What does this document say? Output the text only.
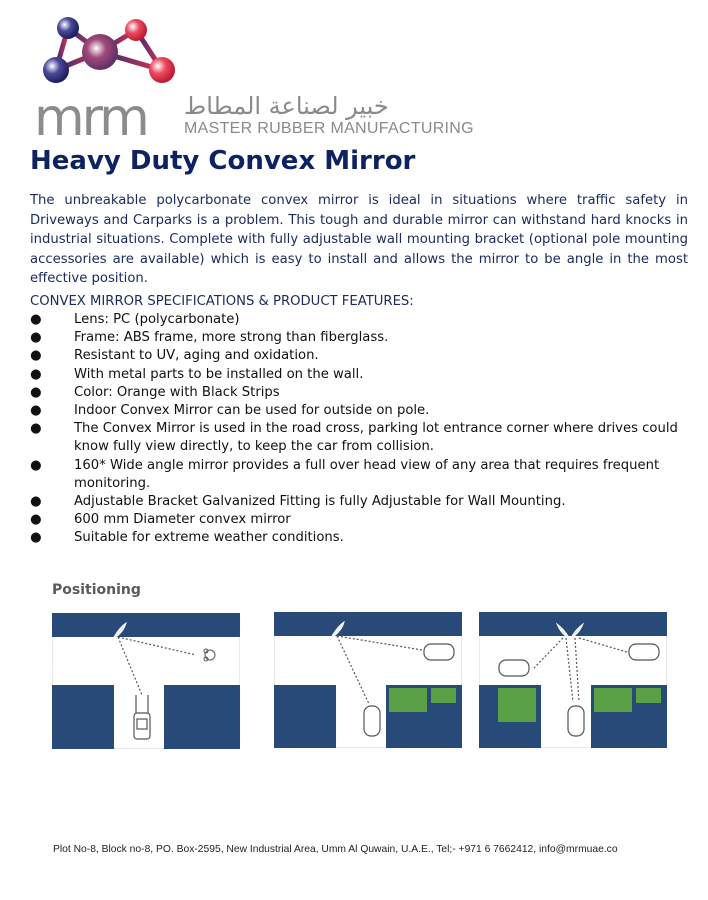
mrm خبير لصناعة المطاط
MASTER RUBBER MANUFACTURING
Heavy Duty Convex Mirror

The unbreakable polycarbonate convex mirror is ideal in situations where traffic safety in Driveways and Carparks is a problem. This tough and durable mirror can withstand hard knocks in industrial situations. Complete with fully adjustable wall mounting bracket (optional pole mounting accessories are available) which is easy to install and allows the mirror to be angle in the most effective position.

CONVEX MIRROR SPECIFICATIONS & PRODUCT FEATURES:
● Lens: PC (polycarbonate)
● Frame: ABS frame, more strong than fiberglass.
● Resistant to UV, aging and oxidation.
● With metal parts to be installed on the wall.
● Color: Orange with Black Strips
● Indoor Convex Mirror can be used for outside on pole.
● The Convex Mirror is used in the road cross, parking lot entrance corner where drives could know fully view directly, to keep the car from collision.
● 160* Wide angle mirror provides a full over head view of any area that requires frequent monitoring.
● Adjustable Bracket Galvanized Fitting is fully Adjustable for Wall Mounting.
● 600 mm Diameter convex mirror
● Suitable for extreme weather conditions.
Positioning
Plot No-8, Block no-8, PO. Box-2595, New Industrial Area, Umm Al Quwain, U.A.E., Tel;- +971 6 7662412, info@mrmuae.co
